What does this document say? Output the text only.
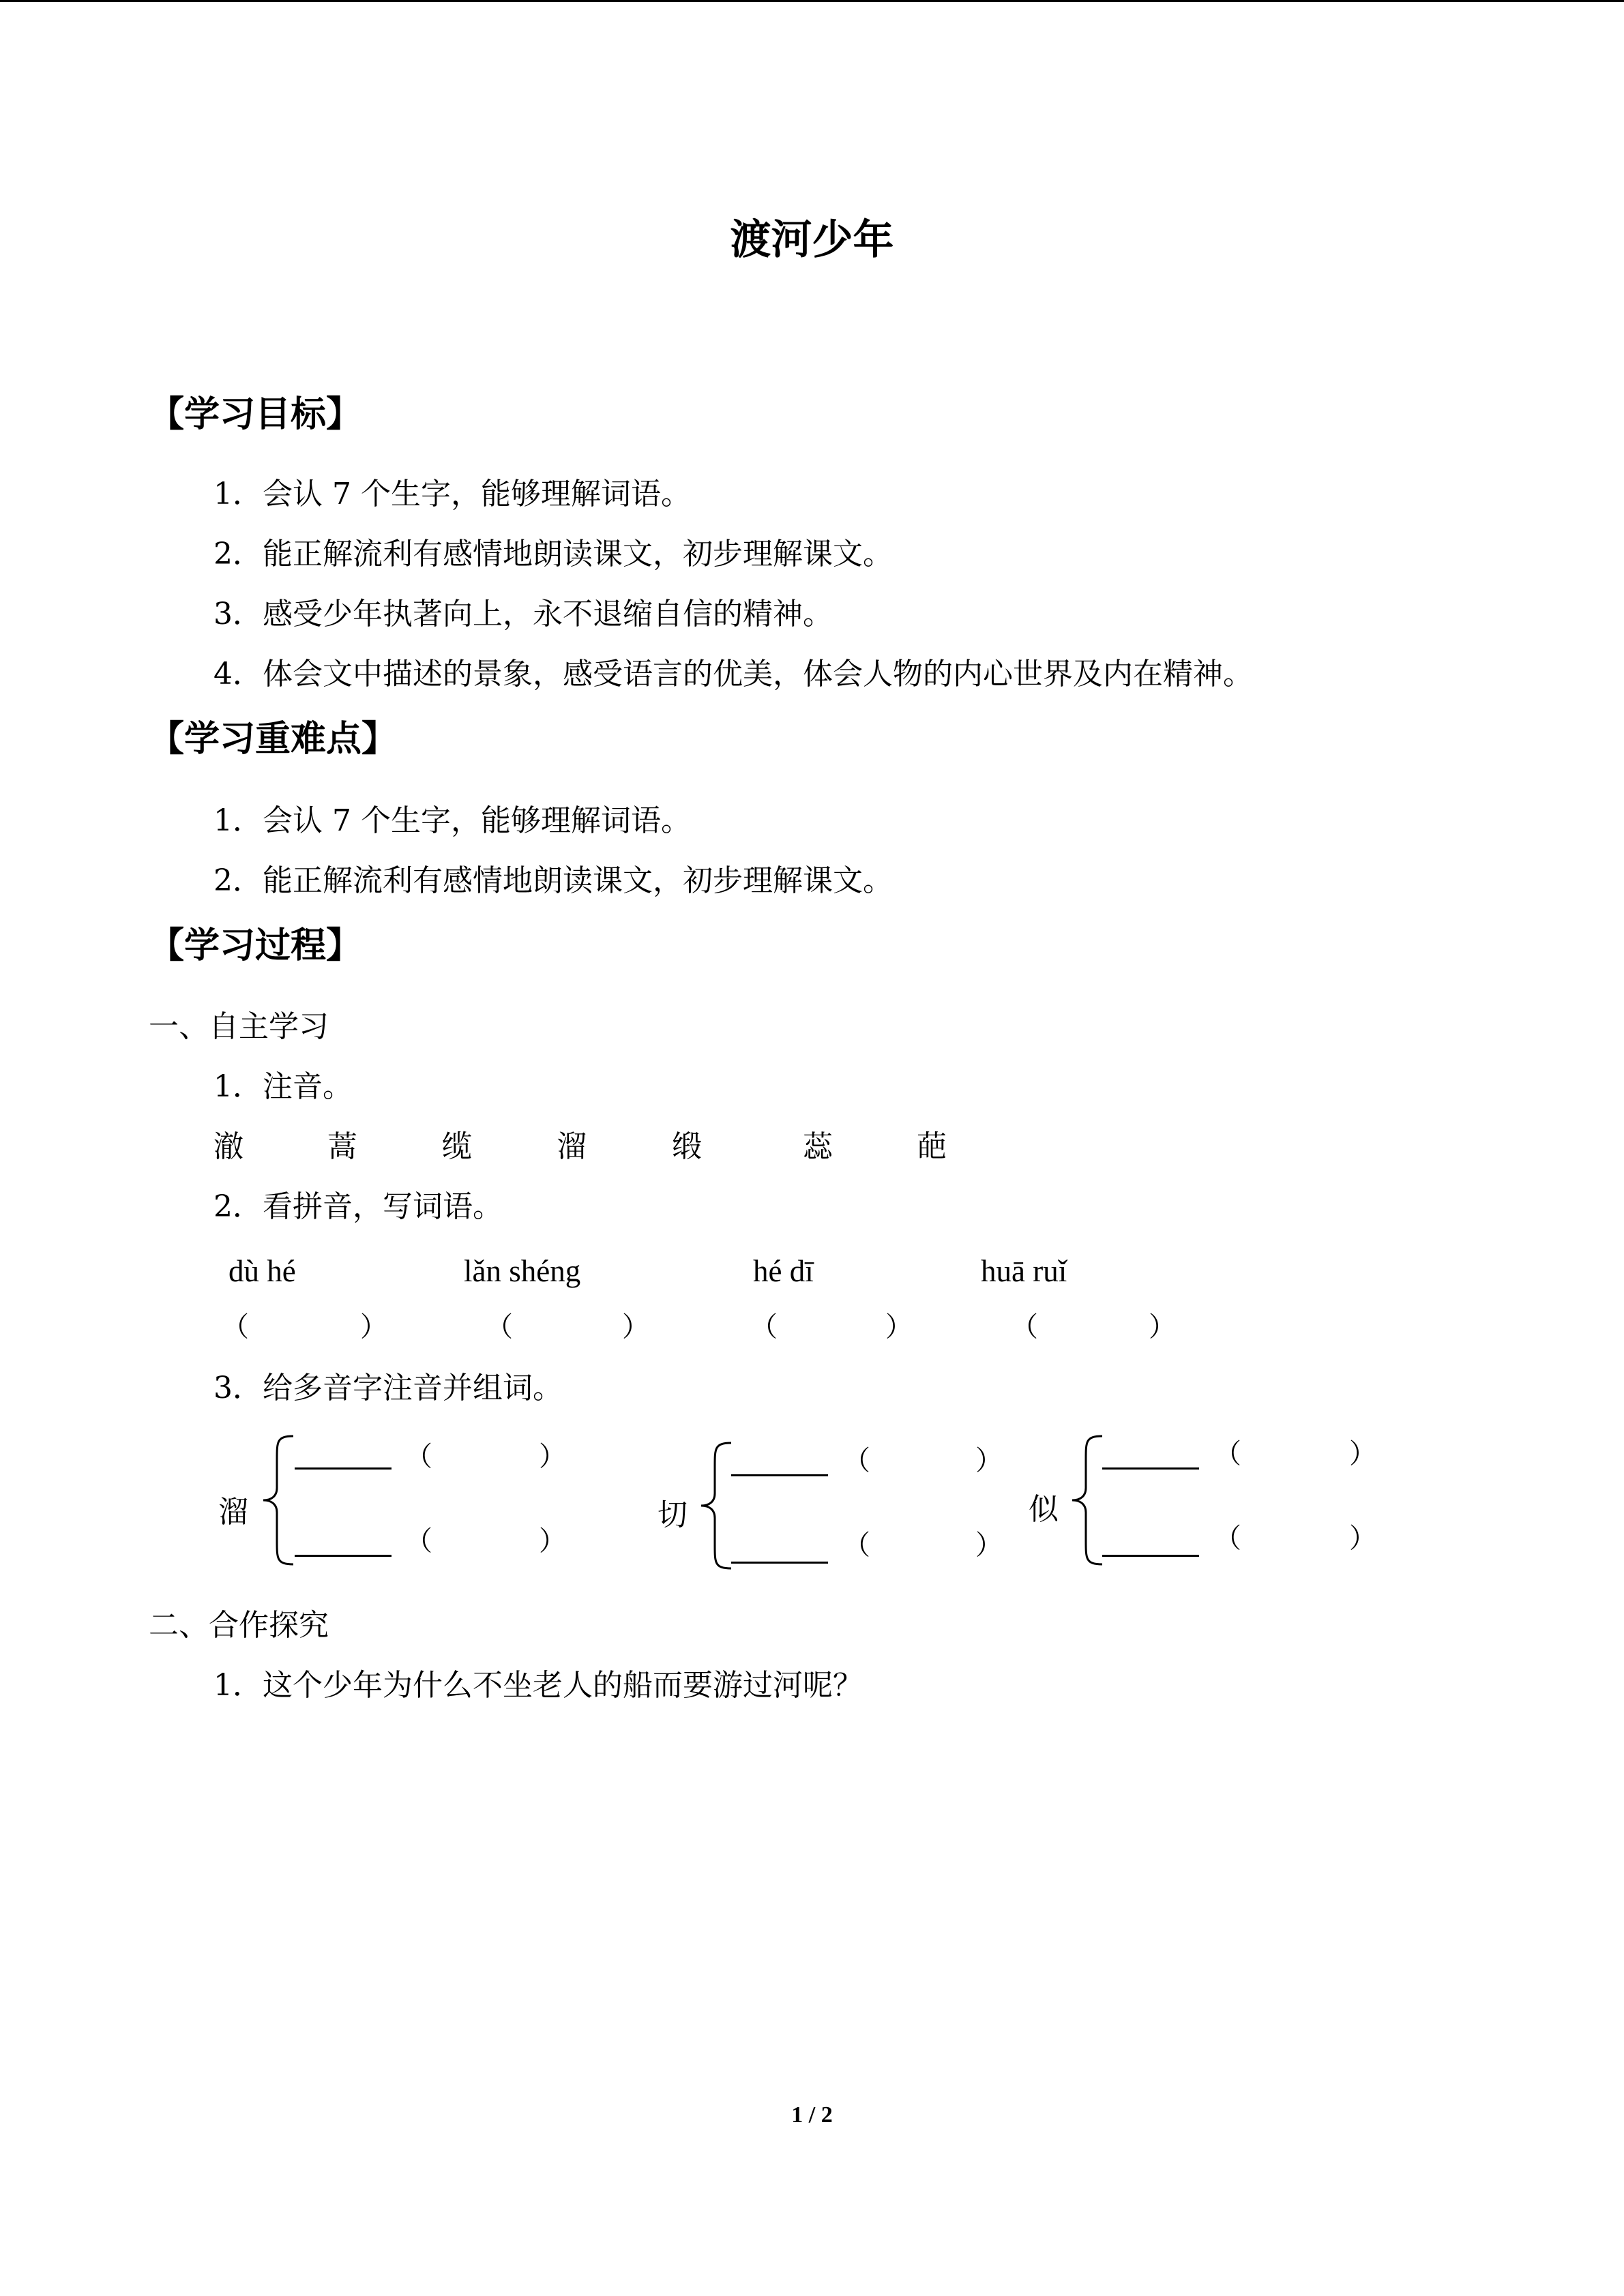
渡河少年
【学习目标】
1．会认 7 个生字，能够理解词语。
2．能正解流利有感情地朗读课文，初步理解课文。
3．感受少年执著向上，永不退缩自信的精神。
4．体会文中描述的景象，感受语言的优美，体会人物的内心世界及内在精神。
【学习重难点】
1．会认 7 个生字，能够理解词语。
2．能正解流利有感情地朗读课文，初步理解课文。
【学习过程】
一、自主学习
1．注音。
澈	蒿	缆	溜	缎	蕊	葩
2．看拼音，写词语。
dù hé	lǎn shéng	hé dī	huā ruǐ
（	）	（	）	（	）	（	）
3．给多音字注音并组词。
溜
（	）
（	）
切
（	）
（	）
似
（	）
（	）
二、合作探究
1．这个少年为什么不坐老人的船而要游过河呢？
1 / 2
